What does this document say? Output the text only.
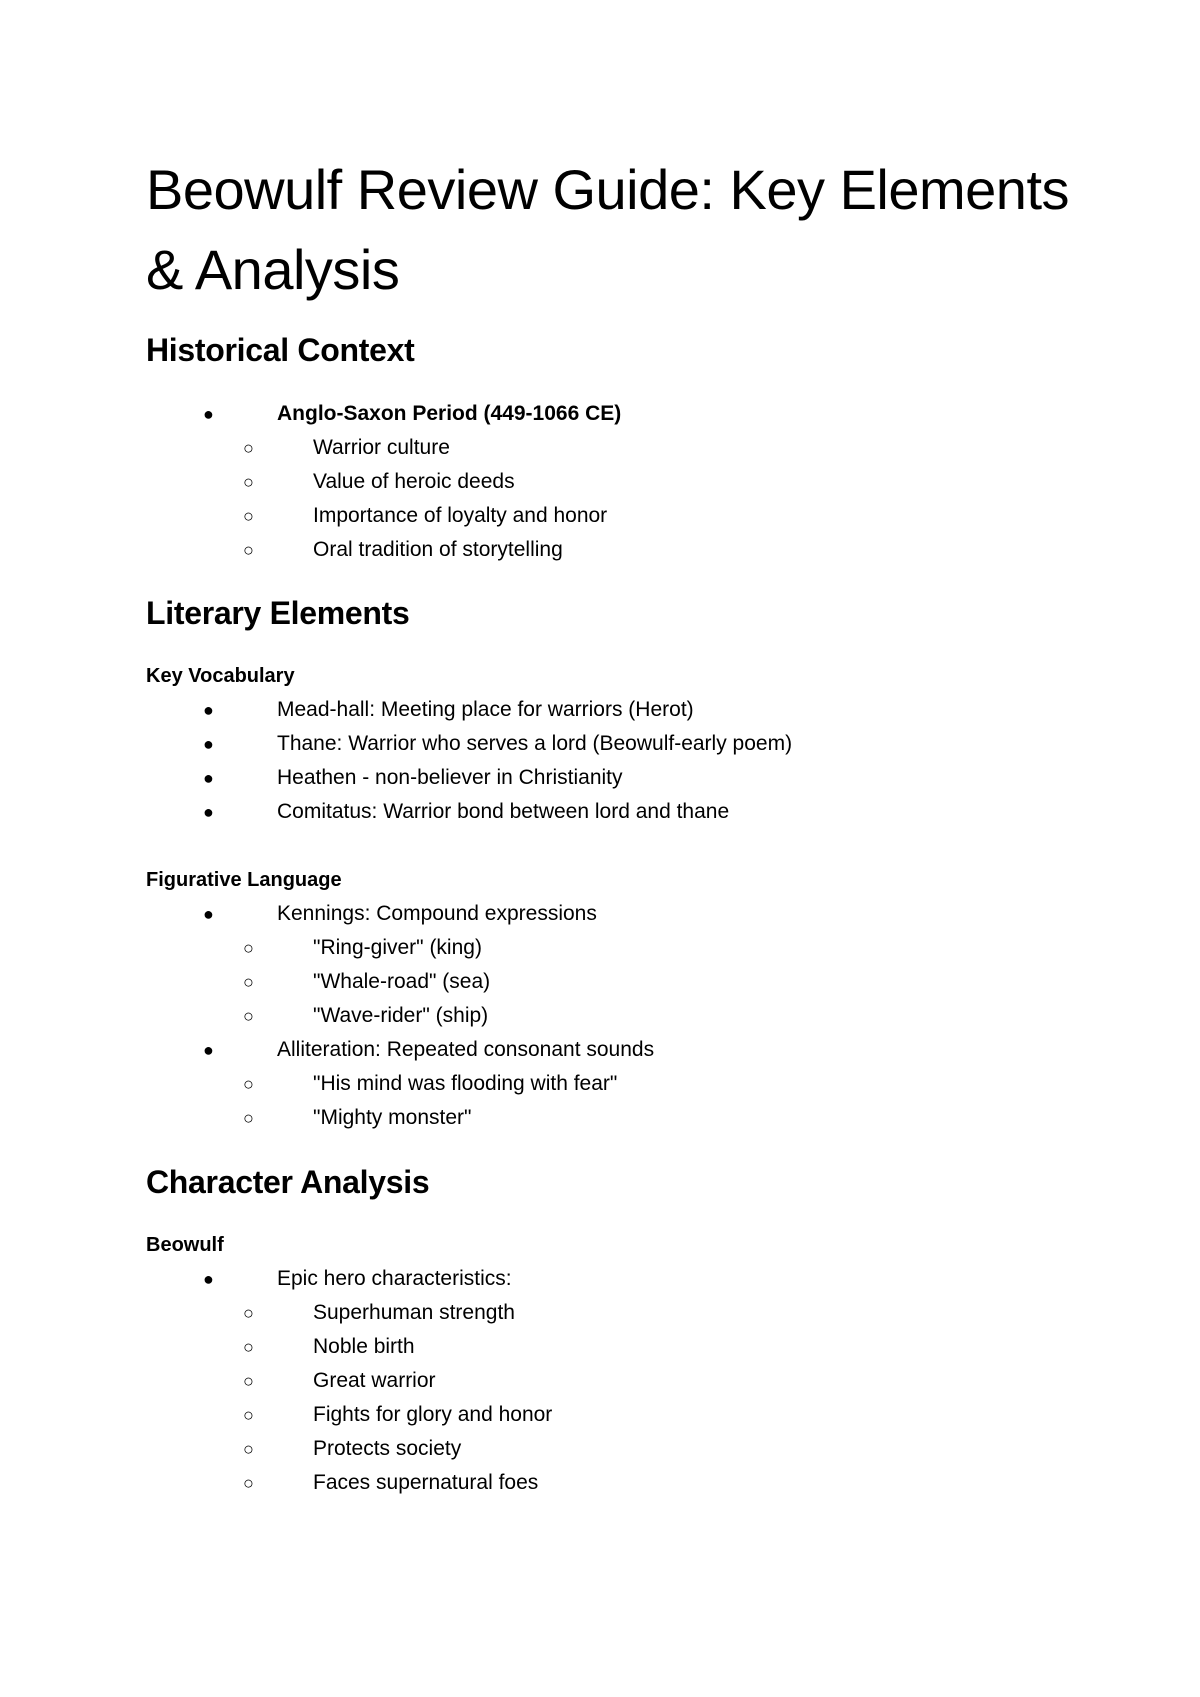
Beowulf Review Guide: Key Elements & Analysis
Historical Context
●	Anglo-Saxon Period (449-1066 CE)
○	Warrior culture
○	Value of heroic deeds
○	Importance of loyalty and honor
○	Oral tradition of storytelling
Literary Elements
Key Vocabulary
●	Mead-hall: Meeting place for warriors (Herot)
●	Thane: Warrior who serves a lord (Beowulf-early poem)
●	Heathen - non-believer in Christianity
●	Comitatus: Warrior bond between lord and thane
Figurative Language
●	Kennings: Compound expressions
○	"Ring-giver" (king)
○	"Whale-road" (sea)
○	"Wave-rider" (ship)
●	Alliteration: Repeated consonant sounds
○	"His mind was flooding with fear"
○	"Mighty monster"
Character Analysis
Beowulf
●	Epic hero characteristics:
○	Superhuman strength
○	Noble birth
○	Great warrior
○	Fights for glory and honor
○	Protects society
○	Faces supernatural foes
